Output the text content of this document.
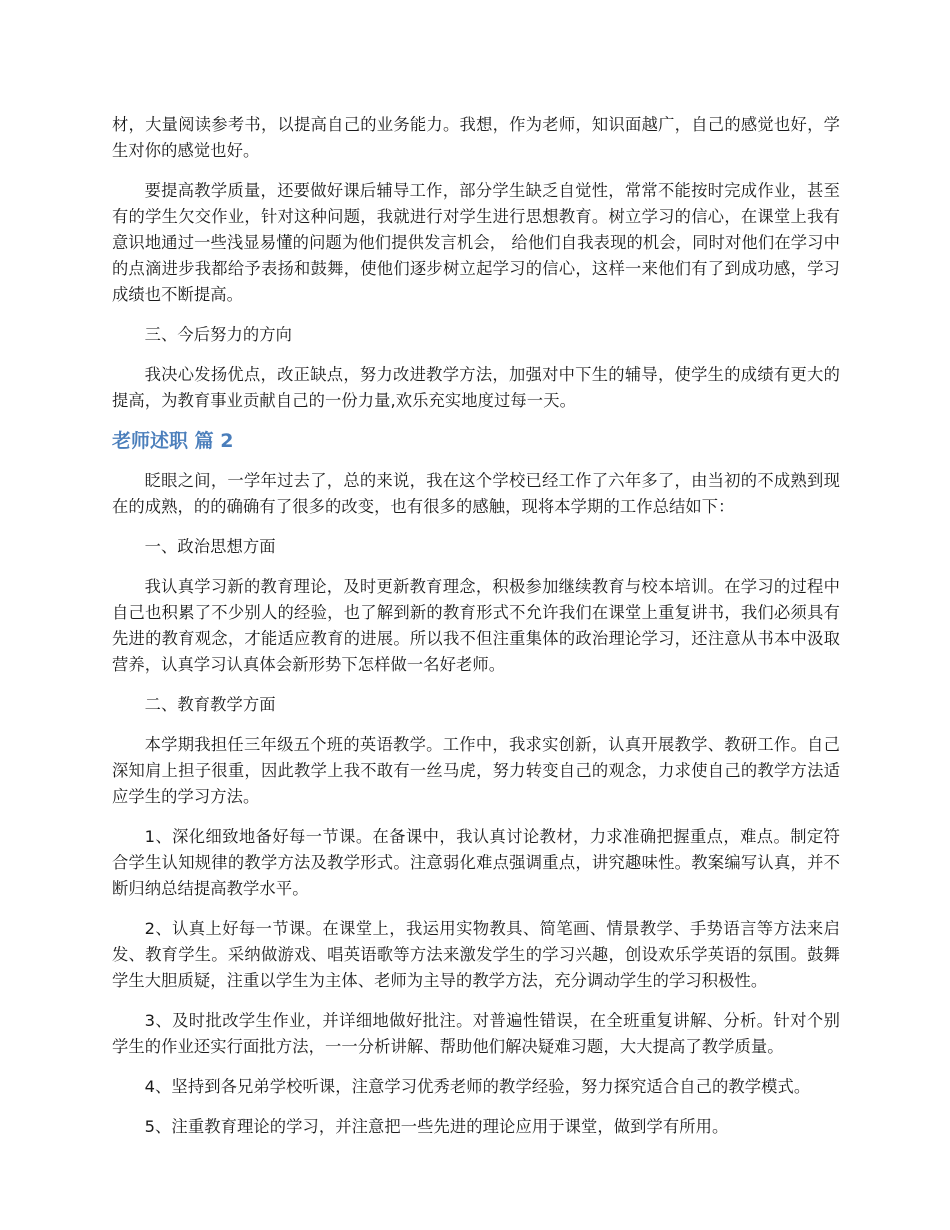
材，大量阅读参考书，以提高自己的业务能力。我想，作为老师，知识面越广，自己的感觉也好，学生对你的感觉也好。

要提高教学质量，还要做好课后辅导工作，部分学生缺乏自觉性，常常不能按时完成作业，甚至有的学生欠交作业，针对这种问题，我就进行对学生进行思想教育。树立学习的信心，在课堂上我有意识地通过一些浅显易懂的问题为他们提供发言机会， 给他们自我表现的机会，同时对他们在学习中的点滴进步我都给予表扬和鼓舞，使他们逐步树立起学习的信心，这样一来他们有了到成功感，学习成绩也不断提高。

三、今后努力的方向

我决心发扬优点，改正缺点，努力改进教学方法，加强对中下生的辅导，使学生的成绩有更大的提高，为教育事业贡献自己的一份力量,欢乐充实地度过每一天。

老师述职 篇 2

眨眼之间，一学年过去了，总的来说，我在这个学校已经工作了六年多了，由当初的不成熟到现在的成熟，的的确确有了很多的改变，也有很多的感触，现将本学期的工作总结如下：

一、政治思想方面

我认真学习新的教育理论，及时更新教育理念，积极参加继续教育与校本培训。在学习的过程中自己也积累了不少别人的经验，也了解到新的教育形式不允许我们在课堂上重复讲书，我们必须具有先进的教育观念，才能适应教育的进展。所以我不但注重集体的政治理论学习，还注意从书本中汲取营养，认真学习认真体会新形势下怎样做一名好老师。

二、教育教学方面

本学期我担任三年级五个班的英语教学。工作中，我求实创新，认真开展教学、教研工作。自己深知肩上担子很重，因此教学上我不敢有一丝马虎，努力转变自己的观念，力求使自己的教学方法适应学生的学习方法。

1、深化细致地备好每一节课。在备课中，我认真讨论教材，力求准确把握重点，难点。制定符合学生认知规律的教学方法及教学形式。注意弱化难点强调重点，讲究趣味性。教案编写认真，并不断归纳总结提高教学水平。

2、认真上好每一节课。在课堂上，我运用实物教具、简笔画、情景教学、手势语言等方法来启发、教育学生。采纳做游戏、唱英语歌等方法来激发学生的学习兴趣，创设欢乐学英语的氛围。鼓舞学生大胆质疑，注重以学生为主体、老师为主导的教学方法，充分调动学生的学习积极性。

3、及时批改学生作业，并详细地做好批注。对普遍性错误，在全班重复讲解、分析。针对个别学生的作业还实行面批方法，一一分析讲解、帮助他们解决疑难习题，大大提高了教学质量。

4、坚持到各兄弟学校听课，注意学习优秀老师的教学经验，努力探究适合自己的教学模式。

5、注重教育理论的学习，并注意把一些先进的理论应用于课堂，做到学有所用。
